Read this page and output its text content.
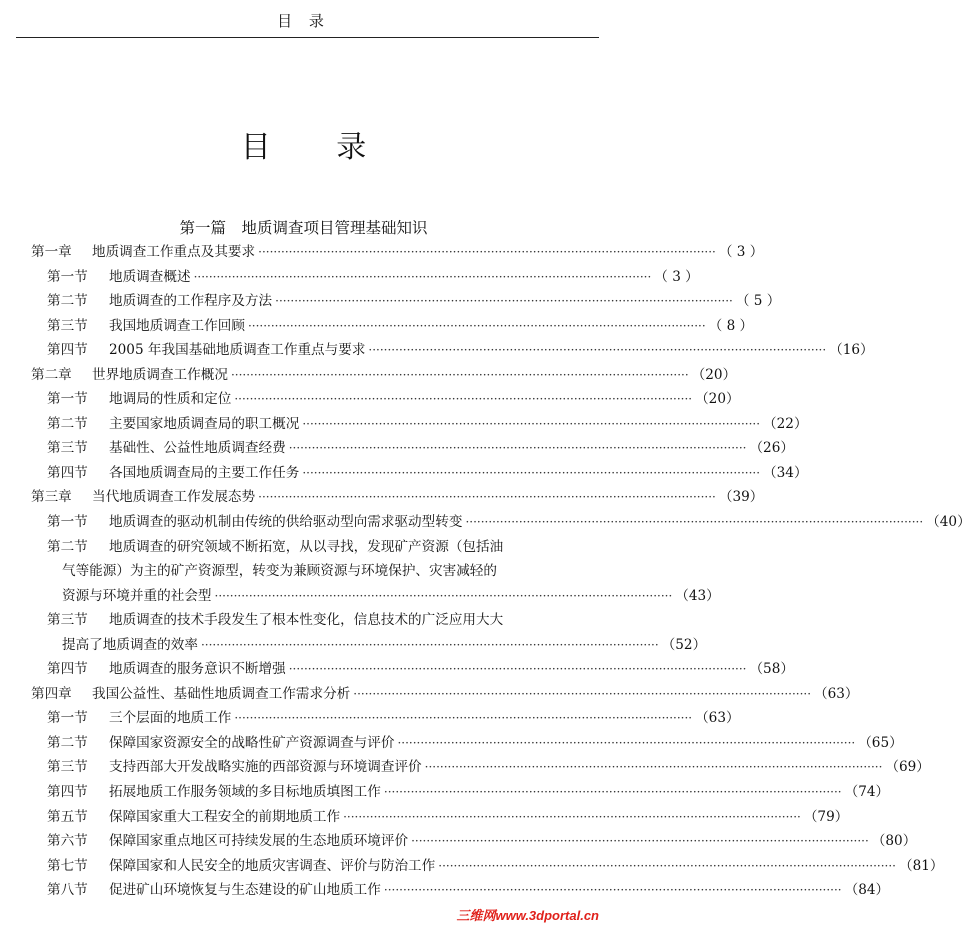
目 录
目 录
第一篇　地质调查项目管理基础知识
第一章	地质调查工作重点及其要求 ·····	（ 3 ）
第一节	地质调查概述 ·····	（ 3 ）
第二节	地质调查的工作程序及方法 ·····	（ 5 ）
第三节	我国地质调查工作回顾 ·····	（ 8 ）
第四节	2005 年我国基础地质调查工作重点与要求 ·····	（16）
第二章	世界地质调查工作概况 ·····	（20）
第一节	地调局的性质和定位 ·····	（20）
第二节	主要国家地质调查局的职工概况 ·····	（22）
第三节	基础性、公益性地质调查经费 ·····	（26）
第四节	各国地质调查局的主要工作任务 ·····	（34）
第三章	当代地质调查工作发展态势 ·····	（39）
第一节	地质调查的驱动机制由传统的供给驱动型向需求驱动型转变 ·····	（40）
第二节	地质调查的研究领域不断拓宽，从以寻找，发现矿产资源（包括油
气等能源）为主的矿产资源型，转变为兼顾资源与环境保护、灾害减轻的
资源与环境并重的社会型 ·····	（43）
第三节	地质调查的技术手段发生了根本性变化，信息技术的广泛应用大大
提高了地质调查的效率 ·····	（52）
第四节	地质调查的服务意识不断增强 ·····	（58）
第四章	我国公益性、基础性地质调查工作需求分析 ·····	（63）
第一节	三个层面的地质工作 ·····	（63）
第二节	保障国家资源安全的战略性矿产资源调查与评价 ·····	（65）
第三节	支持西部大开发战略实施的西部资源与环境调查评价 ·····	（69）
第四节	拓展地质工作服务领域的多目标地质填图工作 ·····	（74）
第五节	保障国家重大工程安全的前期地质工作 ·····	（79）
第六节	保障国家重点地区可持续发展的生态地质环境评价 ·····	（80）
第七节	保障国家和人民安全的地质灾害调查、评价与防治工作 ·····	（81）
第八节	促进矿山环境恢复与生态建设的矿山地质工作 ·····	（84）
三维网www.3dportal.cn
